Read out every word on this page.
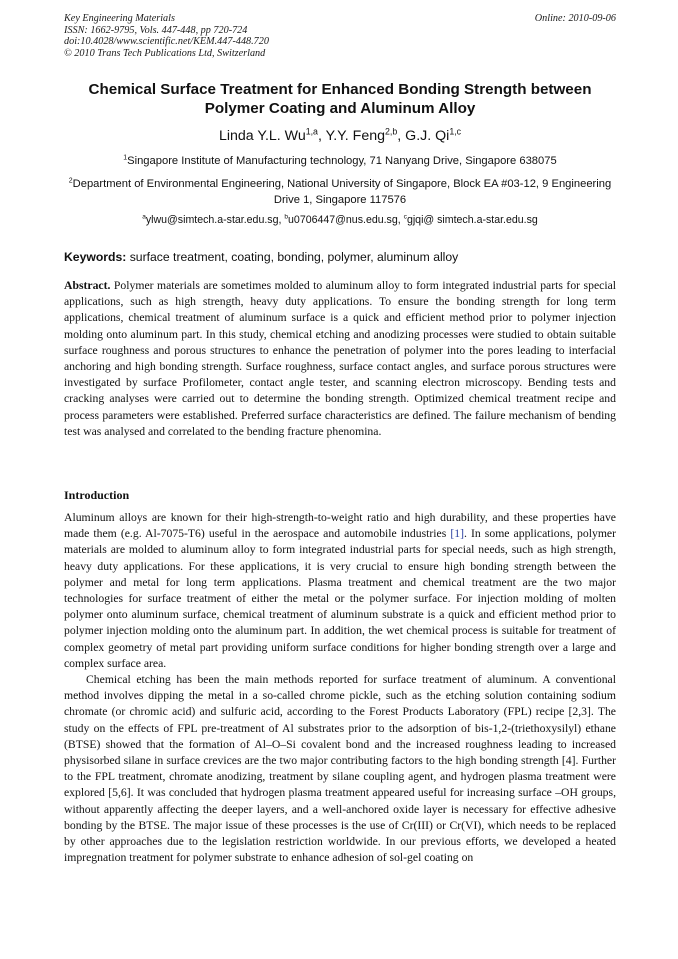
Key Engineering Materials
ISSN: 1662-9795, Vols. 447-448, pp 720-724
doi:10.4028/www.scientific.net/KEM.447-448.720
© 2010 Trans Tech Publications Ltd, Switzerland
Online: 2010-09-06
Chemical Surface Treatment for Enhanced Bonding Strength between Polymer Coating and Aluminum Alloy
Linda Y.L. Wu$^{1,a}$, Y.Y. Feng$^{2,b}$, G.J. Qi$^{1,c}$
$^1$Singapore Institute of Manufacturing technology, 71 Nanyang Drive, Singapore 638075
$^2$Department of Environmental Engineering, National University of Singapore, Block EA #03-12, 9 Engineering Drive 1, Singapore 117576
$^a$ylwu@simtech.a-star.edu.sg, $^b$u0706447@nus.edu.sg, $^c$gjqi@ simtech.a-star.edu.sg
Keywords: surface treatment, coating, bonding, polymer, aluminum alloy
Abstract. Polymer materials are sometimes molded to aluminum alloy to form integrated industrial parts for special applications, such as high strength, heavy duty applications. To ensure the bonding strength for long term applications, chemical treatment of aluminum surface is a quick and efficient method prior to polymer injection molding onto aluminum part. In this study, chemical etching and anodizing processes were studied to obtain suitable surface roughness and porous structures to enhance the penetration of polymer into the pores leading to interfacial anchoring and high bonding strength. Surface roughness, surface contact angles, and surface porous structures were investigated by surface Profilometer, contact angle tester, and scanning electron microscopy. Bending tests and cracking analyses were carried out to determine the bonding strength. Optimized chemical treatment recipe and process parameters were established. Preferred surface characteristics are defined. The failure mechanism of bending test was analysed and correlated to the bending fracture phenomina.
Introduction

Aluminum alloys are known for their high-strength-to-weight ratio and high durability, and these properties have made them (e.g. Al-7075-T6) useful in the aerospace and automobile industries [1]. In some applications, polymer materials are molded to aluminum alloy to form integrated industrial parts for special needs, such as high strength, heavy duty applications. For these applications, it is very crucial to ensure high bonding strength between the polymer and metal for long term applications. Plasma treatment and chemical treatment are the two major technologies for surface treatment of either the metal or the polymer surface. For injection molding of molten polymer onto aluminum surface, chemical treatment of aluminum substrate is a quick and efficient method prior to polymer injection molding onto the aluminum part. In addition, the wet chemical process is suitable for treatment of complex geometry of metal part providing uniform surface conditions for higher bonding strength over a large and complex surface area.

Chemical etching has been the main methods reported for surface treatment of aluminum. A conventional method involves dipping the metal in a so-called chrome pickle, such as the etching solution containing sodium chromate (or chromic acid) and sulfuric acid, according to the Forest Products Laboratory (FPL) recipe [2,3]. The study on the effects of FPL pre-treatment of Al substrates prior to the adsorption of bis-1,2-(triethoxysilyl) ethane (BTSE) showed that the formation of Al–O–Si covalent bond and the increased roughness leading to increased physisorbed silane in surface crevices are the two major contributing factors to the high bonding strength [4]. Further to the FPL treatment, chromate anodizing, treatment by silane coupling agent, and hydrogen plasma treatment were explored [5,6]. It was concluded that hydrogen plasma treatment appeared useful for increasing surface –OH groups, without apparently affecting the deeper layers, and a well-anchored oxide layer is necessary for effective adhesive bonding by the BTSE. The major issue of these processes is the use of Cr(III) or Cr(VI), which needs to be replaced by other approaches due to the legislation restriction worldwide. In our previous efforts, we developed a heated impregnation treatment for polymer substrate to enhance adhesion of sol-gel coating on
